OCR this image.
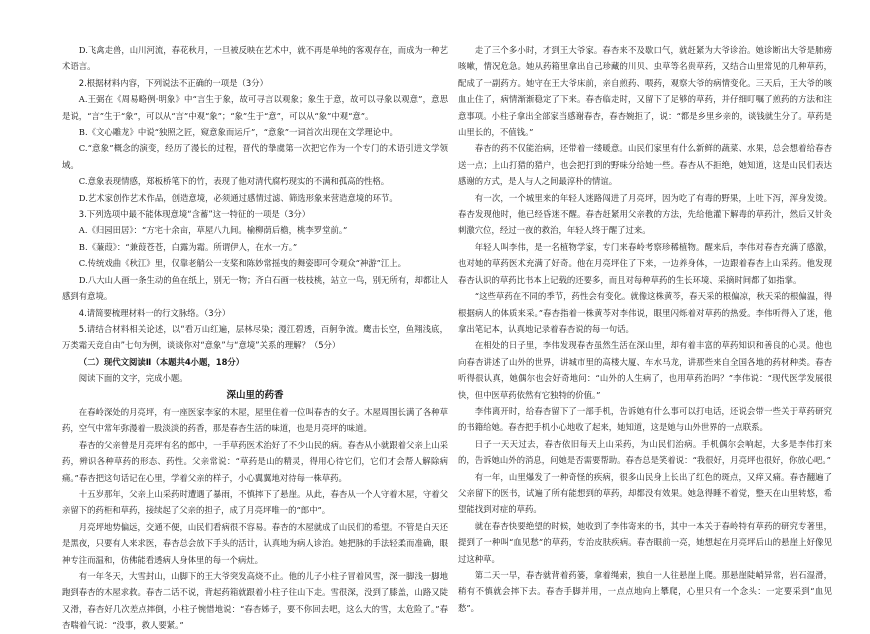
D.飞禽走兽，山川河流，春花秋月，一旦被反映在艺术中，就不再是单纯的客观存在，而成为一种艺术语言。

2.根据材料内容，下列说法不正确的一项是（3分）

A.王弼在《周易略例·明象》中“言生于象，故可寻言以观象；象生于意，故可以寻象以观意”，意思是说，“言”生于“象”，可以从“言”中观“象”；“象”生于“意”，可以从“象”中观“意”。

B.《文心雕龙》中说“独照之匠，窥意象而运斤”，“意象”一词首次出现在文学理论中。

C.“意象”概念的演变，经历了漫长的过程，晋代的挚虞第一次把它作为一个专门的术语引进文学领域。

C.意象表现情感，郑板桥笔下的竹，表现了他对清代腐朽现实的不满和孤高的性格。

D.艺术家创作艺术作品，创造意境，必须通过感情过滤、筛选形象来营造意境的环节。

3.下列选项中最不能体现意境“含蓄”这一特征的一项是（3分）

A.《归园田居》：“方宅十余亩，草屋八九间。榆柳荫后檐，桃李罗堂前。”

B.《蒹葭》：“兼葭苍苍，白露为霜。所谓伊人，在水一方。”

C.传统戏曲《秋江》里，仅靠老艄公一支桨和陈妙常摇曳的舞姿即可令观众“神游”江上。

D.八大山人画一条生动的鱼在纸上，别无一物；齐白石画一枝枝桃，站立一鸟，别无所有，却都让人感到有意境。

4.请简要梳理材料一的行文脉络。（3分）

5.请结合材料相关论述，以“看万山红遍，层林尽染；漫江碧透，百舸争流。鹰击长空，鱼翔浅底，万类霜天竞自由”七句为例，谈谈你对“意象”与“意境”关系的理解？（5分）

（二）现代文阅读Ⅱ（本题共4小题，18分）

阅读下面的文字，完成小题。

深山里的药香

在春岭深处的月亮坪，有一座医家李家的木屋，屋里住着一位叫春杏的女子。木屋周围长满了各种草药，空气中常年弥漫着一股淡淡的药香，那是春杏生活的味道，也是月亮坪的味道。

春杏的父亲曾是月亮坪有名的郎中，一手草药医术治好了不少山民的病。春杏从小就跟着父亲上山采药，辨识各种草药的形态、药性。父亲常说：“草药是山的精灵，得用心待它们，它们才会帮人解除病痛。”春杏把这句话记在心里，学着父亲的样子，小心翼翼地对待每一株草药。

十五岁那年，父亲上山采药时遭遇了暴雨，不慎摔下了悬崖。从此，春杏从一个人守着木屋，守着父亲留下的药柜和草药，接续起了父亲的担子，成了月亮坪唯一的“郎中”。

月亮坪地势偏远，交通不便，山民们看病很不容易。春杏的木屋就成了山民们的希望。不管是白天还是黑夜，只要有人来求医，春杏总会放下手头的活计，认真地为病人诊治。她把脉的手法轻柔而准确，眼神专注而温和，仿佛能看透病人身体里的每一个病灶。

有一年冬天，大雪封山，山脚下的王大爷突发高烧不止。他的儿子小柱子冒着风雪，深一脚浅一脚地跑到春杏的木屋求救。春杏二话不说，背起药箱就跟着小柱子往山下走。雪很深，没到了膝盖，山路又陡又滑，春杏好几次差点摔倒，小柱子惋惜地说：“春杏姊子，要不你回去吧，这么大的雪，太危险了。”春杏喘着气说：“没事，救人要紧。”

走了三个多小时，才到王大爷家。春杏来不及歇口气，就赶紧为大爷诊治。她诊断出大爷是肺痨咳嗽，情况危急。她从药箱里拿出自己珍藏的川贝、虫草等名贵草药，又结合山里常见的几种草药，配成了一副药方。她守在王大爷床前，亲自煎药、喂药，观察大爷的病情变化。三天后，王大爷的咳血止住了，病情渐渐稳定了下来。春杏临走时，又留下了足够的草药，并仔细叮嘱了煎药的方法和注意事项。小柱子拿出全部家当感谢春杏，春杏婉拒了，说：“都是乡里乡亲的，谈钱就生分了。草药是山里长的，不值钱。”

春杏的药不仅能治病，还带着一缕暖意。山民们家里有什么新鲜的蔬菜、水果，总会想着给春杏送一点；上山打猎的猎户，也会把打到的野味分给她一些。春杏从不拒绝，她知道，这是山民们表达感谢的方式，是人与人之间最淳朴的情谊。

有一次，一个城里来的年轻人迷路闯进了月亮坪，因为吃了有毒的野果，上吐下泻，浑身发烫。春杏发现他时，他已经昏迷不醒。春杏赶紧用父亲教的方法，先给他灌下解毒的草药汁，然后又针灸刺激穴位，经过一夜的救治，年轻人终于醒了过来。

年轻人叫李伟，是一名植物学家，专门来春岭考察珍稀植物。醒来后，李伟对春杏充满了感激，也对她的草药医术充满了好奇。他在月亮坪住了下来，一边养身体，一边跟着春杏上山采药。他发现春杏认识的草药比书本上记载的还要多，而且对每种草药的生长环境、采摘时间都了如指掌。

“这些草药在不同的季节，药性会有变化。就像这株黄芩，春天采的根偏凉，秋天采的根偏温，得根据病人的体质来采。”春杏指着一株黄芩对李伟说，眼里闪烁着对草药的热爱。李伟听得入了迷，他拿出笔记本，认真地记录着春杏说的每一句话。

在相处的日子里，李伟发现春杏虽然生活在深山里，却有着丰富的草药知识和善良的心灵。他也向春杏讲述了山外的世界，讲城市里的高楼大厦、车水马龙，讲那些来自全国各地的药材种类。春杏听得很认真，她偶尔也会好奇地问：“山外的人生病了，也用草药治吗？”李伟说：“现代医学发展很快，但中医草药依然有它独特的价值。”

李伟离开时，给春杏留下了一部手机，告诉她有什么事可以打电话，还说会带一些关于草药研究的书籍给她。春杏把手机小心地收了起来，她知道，这是她与山外世界的一点联系。

日子一天天过去，春杏依旧每天上山采药，为山民们治病。手机偶尔会响起，大多是李伟打来的，告诉她山外的消息，问她是否需要帮助。春杏总是笑着说：“我很好，月亮坪也很好，你放心吧。”

有一年，山里爆发了一种奇怪的疾病，很多山民身上长出了红色的斑点，又痒又痛。春杏翻遍了父亲留下的医书，试遍了所有能想到的草药，却都没有效果。她急得睡不着觉，整天在山里转悠，希望能找到对症的草药。

就在春杏快要绝望的时候，她收到了李伟寄来的书，其中一本关于春岭特有草药的研究专著里，提到了一种叫“血见愁”的草药，专治皮肤疾病。春杏眼前一亮，她想起在月亮坪后山的悬崖上好像见过这种草。

第二天一早，春杏就背着药篓，拿着绳索，独自一人往悬崖上爬。那悬崖陡峭异常，岩石湿滑，稍有不慎就会摔下去。春杏手脚并用，一点点地向上攀爬，心里只有一个念头：一定要采到“血见愁”。
